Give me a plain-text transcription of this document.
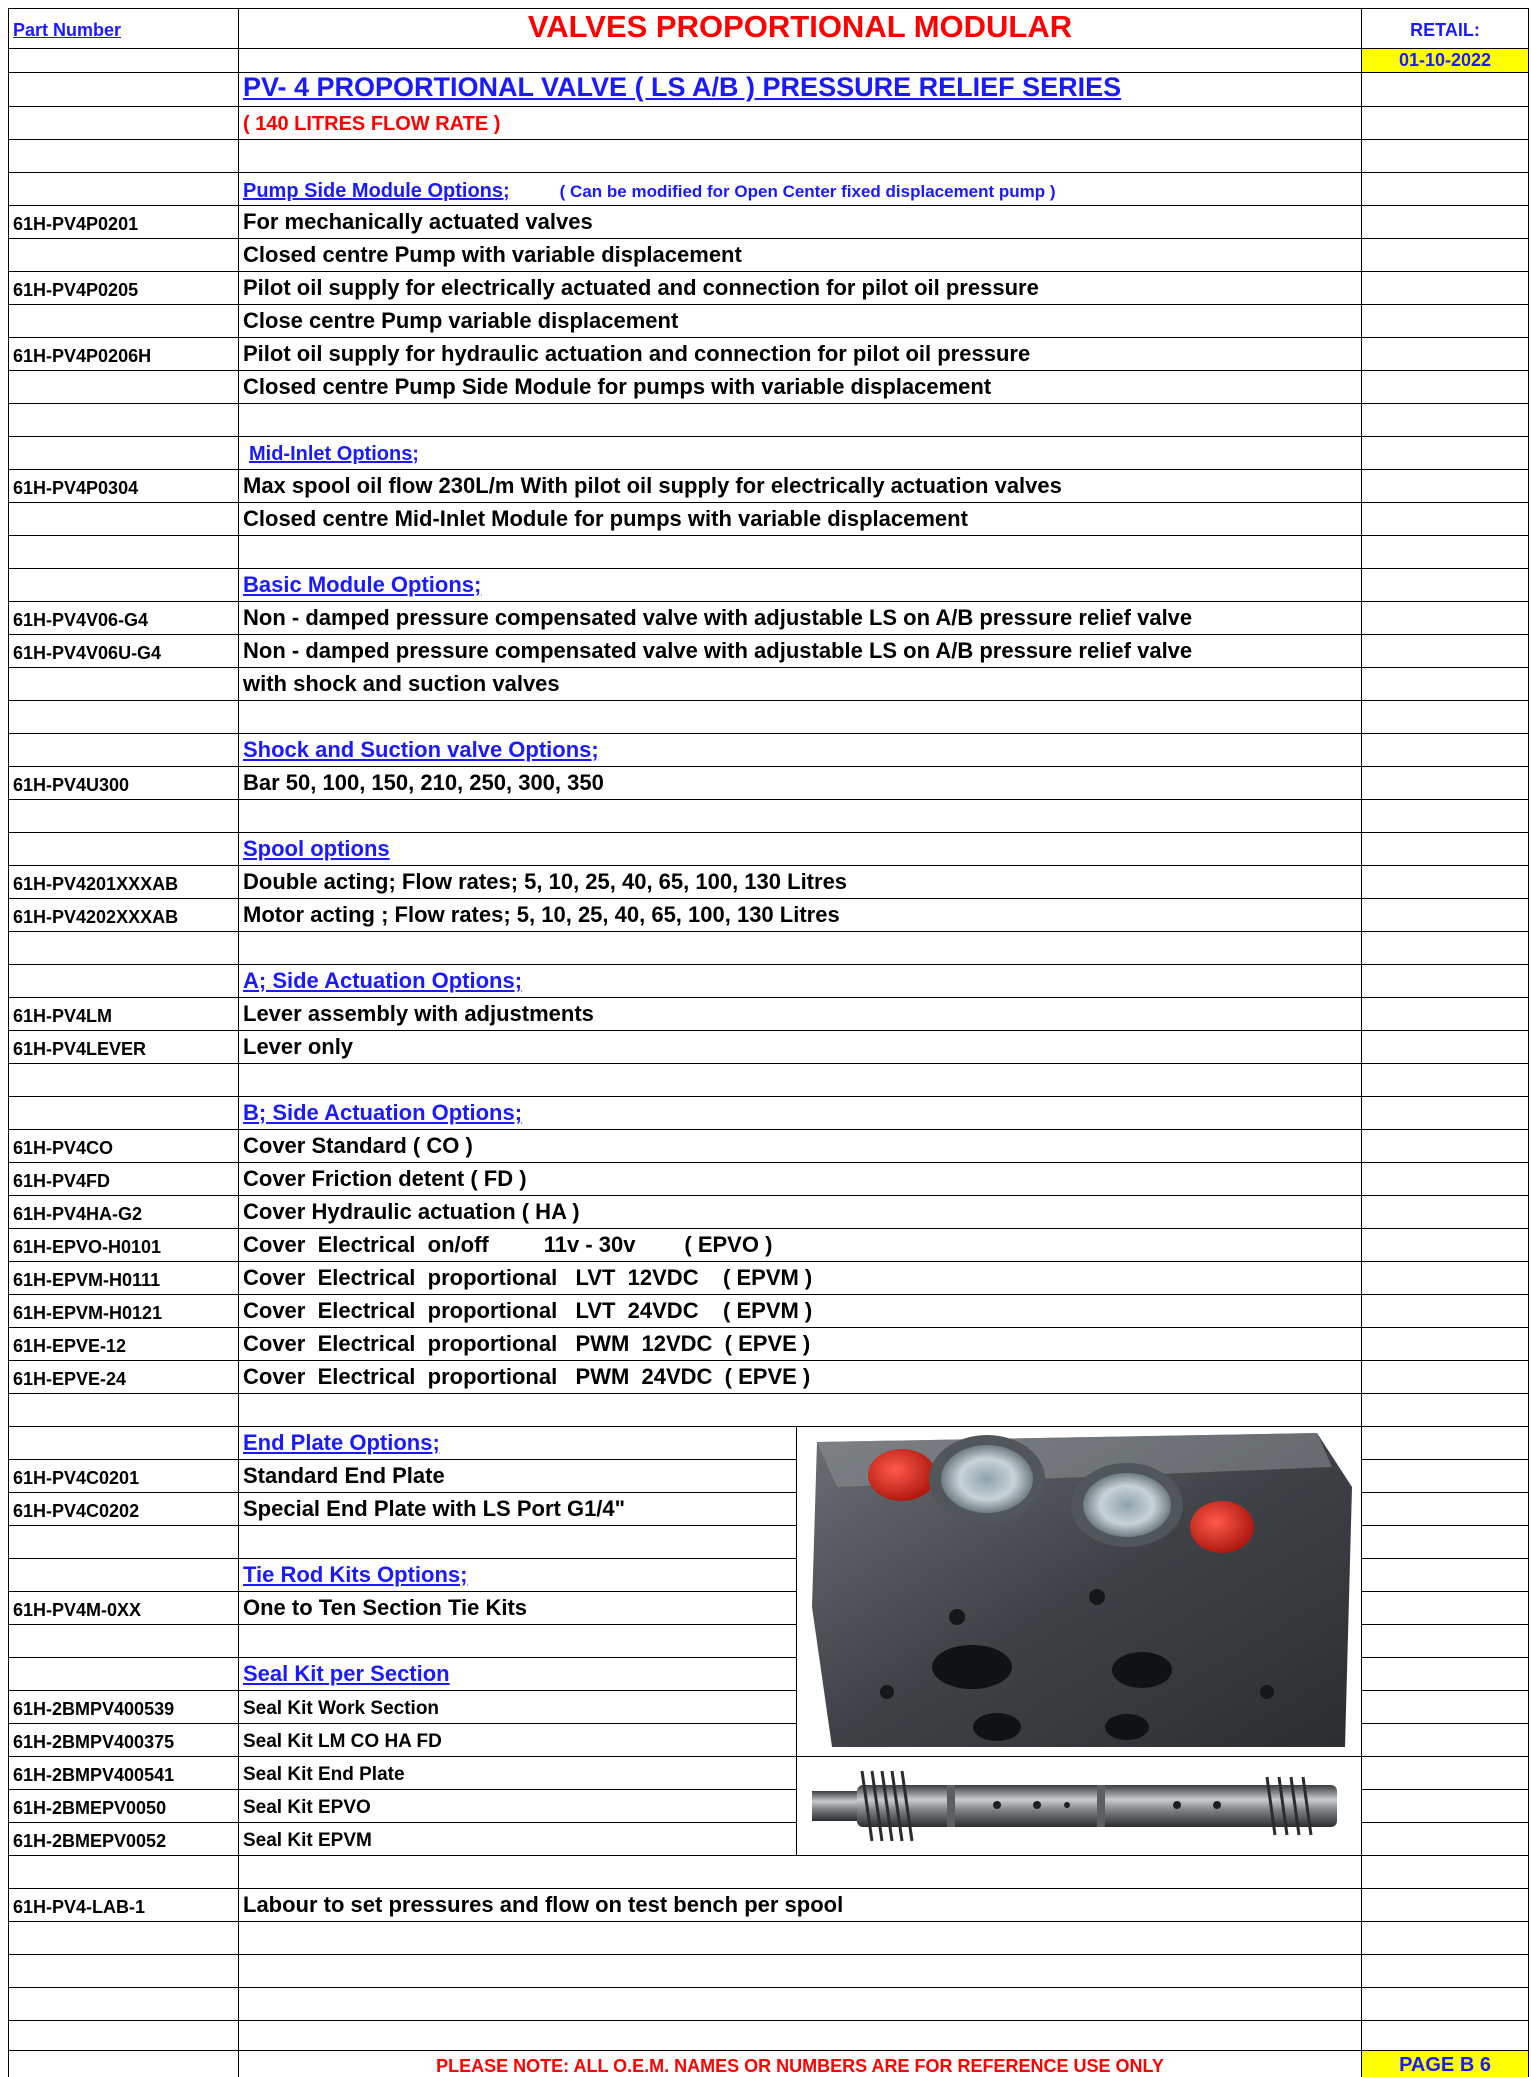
Part Number	VALVES PROPORTIONAL MODULAR	RETAIL:
01-10-2022
PV- 4 PROPORTIONAL VALVE ( LS A/B ) PRESSURE RELIEF SERIES
( 140 LITRES FLOW RATE )
Pump Side Module Options;	( Can be modified for Open Center fixed displacement pump )
61H-PV4P0201	For mechanically actuated valves
Closed centre Pump with variable displacement
61H-PV4P0205	Pilot oil supply for electrically actuated and connection for pilot oil pressure
Close centre Pump variable displacement
61H-PV4P0206H	Pilot oil supply for hydraulic actuation and connection for pilot oil pressure
Closed centre Pump Side Module for pumps with variable displacement
Mid-Inlet Options;
61H-PV4P0304	Max spool oil flow 230L/m With pilot oil supply for electrically actuation valves
Closed centre Mid-Inlet Module for pumps with variable displacement
Basic Module Options;
61H-PV4V06-G4	Non - damped pressure compensated valve with adjustable LS on A/B pressure relief valve
61H-PV4V06U-G4	Non - damped pressure compensated valve with adjustable LS on A/B pressure relief valve
with shock and suction valves
Shock and Suction valve Options;
61H-PV4U300	Bar 50, 100, 150, 210, 250, 300, 350
Spool options
61H-PV4201XXXAB	Double acting; Flow rates; 5, 10, 25, 40, 65, 100, 130 Litres
61H-PV4202XXXAB	Motor acting ; Flow rates; 5, 10, 25, 40, 65, 100, 130 Litres
A; Side Actuation Options;
61H-PV4LM	Lever assembly with adjustments
61H-PV4LEVER	Lever only
B; Side Actuation Options;
61H-PV4CO	Cover Standard ( CO )
61H-PV4FD	Cover Friction detent ( FD )
61H-PV4HA-G2	Cover Hydraulic actuation ( HA )
61H-EPVO-H0101	Cover  Electrical  on/off         11v - 30v        ( EPVO )
61H-EPVM-H0111	Cover  Electrical  proportional   LVT  12VDC    ( EPVM )
61H-EPVM-H0121	Cover  Electrical  proportional   LVT  24VDC    ( EPVM )
61H-EPVE-12	Cover  Electrical  proportional   PWM  12VDC  ( EPVE )
61H-EPVE-24	Cover  Electrical  proportional   PWM  24VDC  ( EPVE )
End Plate Options;
61H-PV4C0201	Standard End Plate
61H-PV4C0202	Special End Plate with LS Port G1/4"
Tie Rod Kits Options;
61H-PV4M-0XX	One to Ten Section Tie Kits
Seal Kit per Section
61H-2BMPV400539	Seal Kit Work Section
61H-2BMPV400375	Seal Kit LM CO HA FD
61H-2BMPV400541	Seal Kit End Plate
61H-2BMEPV0050	Seal Kit EPVO
61H-2BMEPV0052	Seal Kit EPVM
61H-PV4-LAB-1	Labour to set pressures and flow on test bench per spool
PLEASE NOTE: ALL O.E.M. NAMES OR NUMBERS ARE FOR REFERENCE USE ONLY	PAGE B 6
